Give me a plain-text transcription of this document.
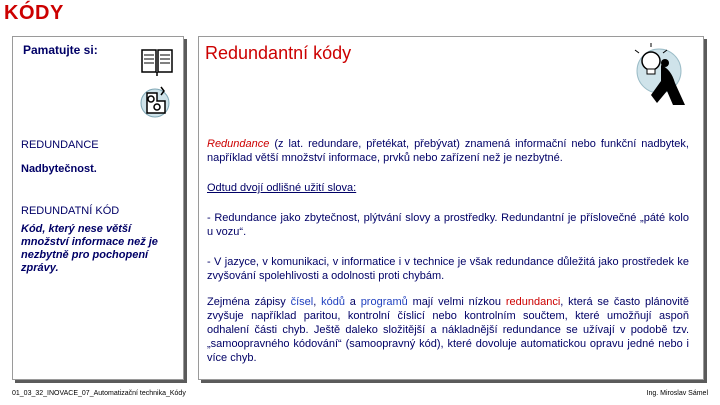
KÓDY
Pamatujte si:
REDUNDANCE
Nadbytečnost.
REDUNDATNÍ KÓD
Kód, který nese větší množství informace než je nezbytně pro pochopení zprávy.
Redundantní kódy
Redundance (z lat. redundare, přetékat, přebývat) znamená informační nebo funkční nadbytek, například větší množství informace, prvků nebo zařízení než je nezbytné.
Odtud dvojí odlišné užití slova:
- Redundance jako zbytečnost, plýtvání slovy a prostředky. Redundantní je příslovečné „páté kolo u vozu“.
- V jazyce, v komunikaci, v informatice i v technice je však redundance důležitá jako prostředek ke zvyšování spolehlivosti a odolnosti proti chybám.
Zejména zápisy čísel, kódů a programů mají velmi nízkou redundanci, která se často plánovitě zvyšuje například paritou, kontrolní číslicí nebo kontrolním součtem, které umožňují aspoň odhalení části chyb. Ještě daleko složitější a nákladnější redundance se užívají v podobě tzv. „samoopravného kódování“ (samoopravný kód), které dovoluje automatickou opravu jedné nebo i více chyb.
01_03_32_INOVACE_07_Automatizační technika_Kódy	Ing. Miroslav Sámel
